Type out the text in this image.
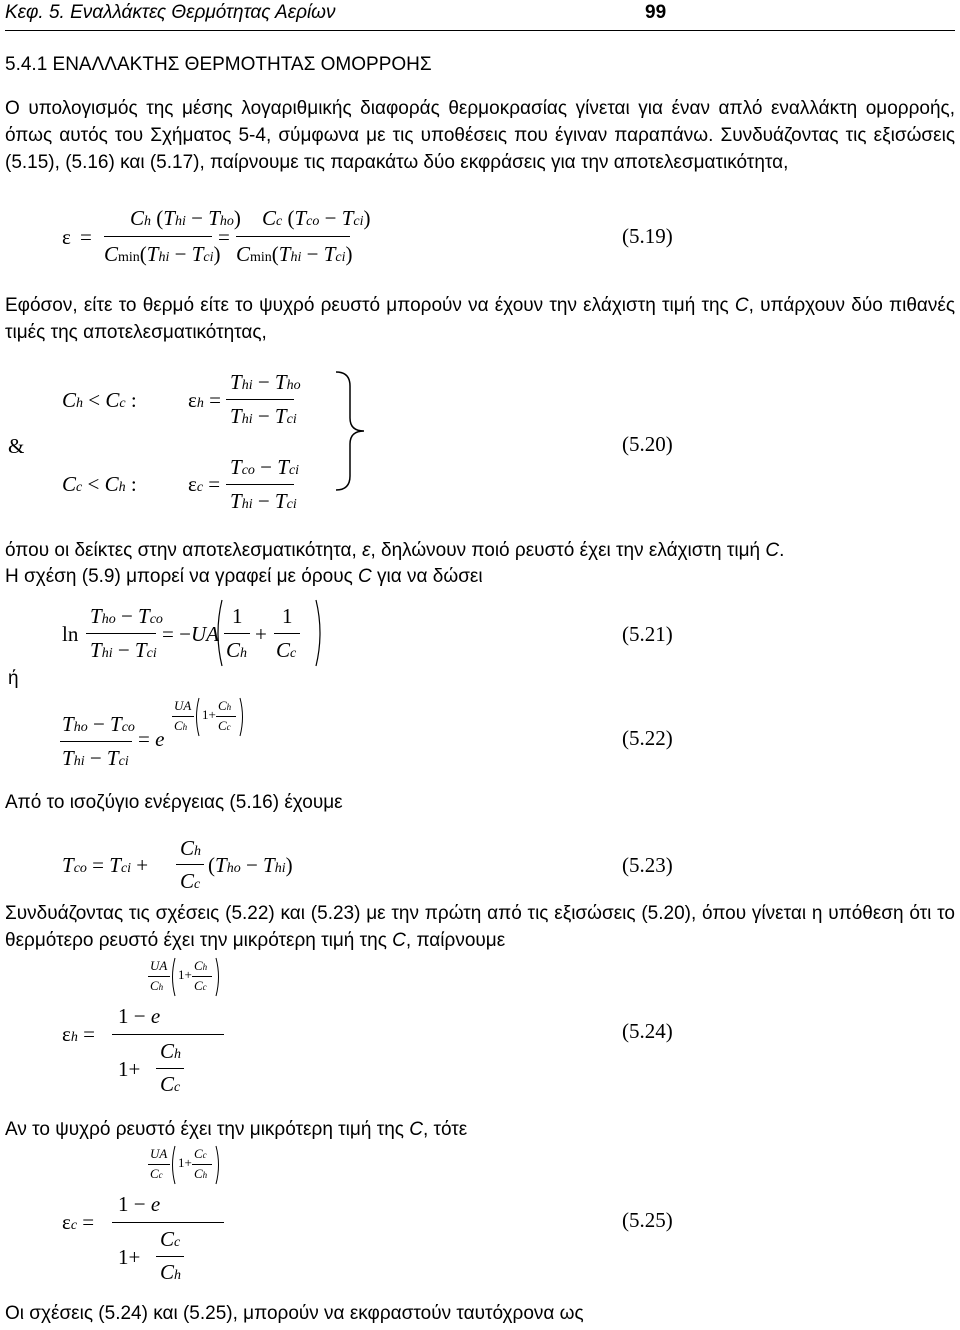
Κεφ. 5. Εναλλάκτες Θερμότητας Αερίων	99
5.4.1 ΕΝΑΛΛΑΚΤΗΣ ΘΕΡΜΟΤΗΤΑΣ ΟΜΟΡΡΟΗΣ
Ο υπολογισμός της μέσης λογαριθμικής διαφοράς θερμοκρασίας γίνεται για έναν απλό εναλλάκτη ομορροής, όπως αυτός του Σχήματος 5-4, σύμφωνα με τις υποθέσεις που έγιναν παραπάνω. Συνδυάζοντας τις εξισώσεις (5.15), (5.16) και (5.17), παίρνουμε τις παρακάτω δύο εκφράσεις για την αποτελεσματικότητα,
ε =
Ch (Thi − Tho)
Cmin(Thi − Tci)
=
Cc (Tco − Tci)
Cmin(Thi − Tci)
(5.19)
Εφόσον, είτε το θερμό είτε το ψυχρό ρευστό μπορούν να έχουν την ελάχιστη τιμή της C, υπάρχουν δύο πιθανές τιμές της αποτελεσματικότητας,
Ch < Cc : εh =
Thi − Tho
Thi − Tci
&
Cc < Ch : εc =
Tco − Tci
Thi − Tci
(5.20)
όπου οι δείκτες στην αποτελεσματικότητα, ε, δηλώνουν ποιό ρευστό έχει την ελάχιστη τιμή C.
Η σχέση (5.9) μπορεί να γραφεί με όρους C για να δώσει
ln
Tho − Tco
Thi − Tci
= −UA
1
Ch
+
1
Cc
(5.21)
ή
Tho − Tco
Thi − Tci
= e
UA
Ch
1+
Ch
Cc	(5.22)
Από το ισοζύγιο ενέργειας (5.16) έχουμε
Tco = Tci +
Ch
Cc
(Tho − Thi)	(5.23)
Συνδυάζοντας τις σχέσεις (5.22) και (5.23) με την πρώτη από τις εξισώσεις (5.20), όπου γίνεται η υπόθεση ότι το θερμότερο ρευστό έχει την μικρότερη τιμή της C, παίρνουμε
εh =
1 − e
UA
Ch
1+
Ch
Cc
1+
Ch
Cc
(5.24)
Αν το ψυχρό ρευστό έχει την μικρότερη τιμή της C, τότε
εc =
1 − e
UA
Cc
1+
Cc
Ch
1+
Cc
Ch
(5.25)
Οι σχέσεις (5.24) και (5.25), μπορούν να εκφραστούν ταυτόχρονα ως
